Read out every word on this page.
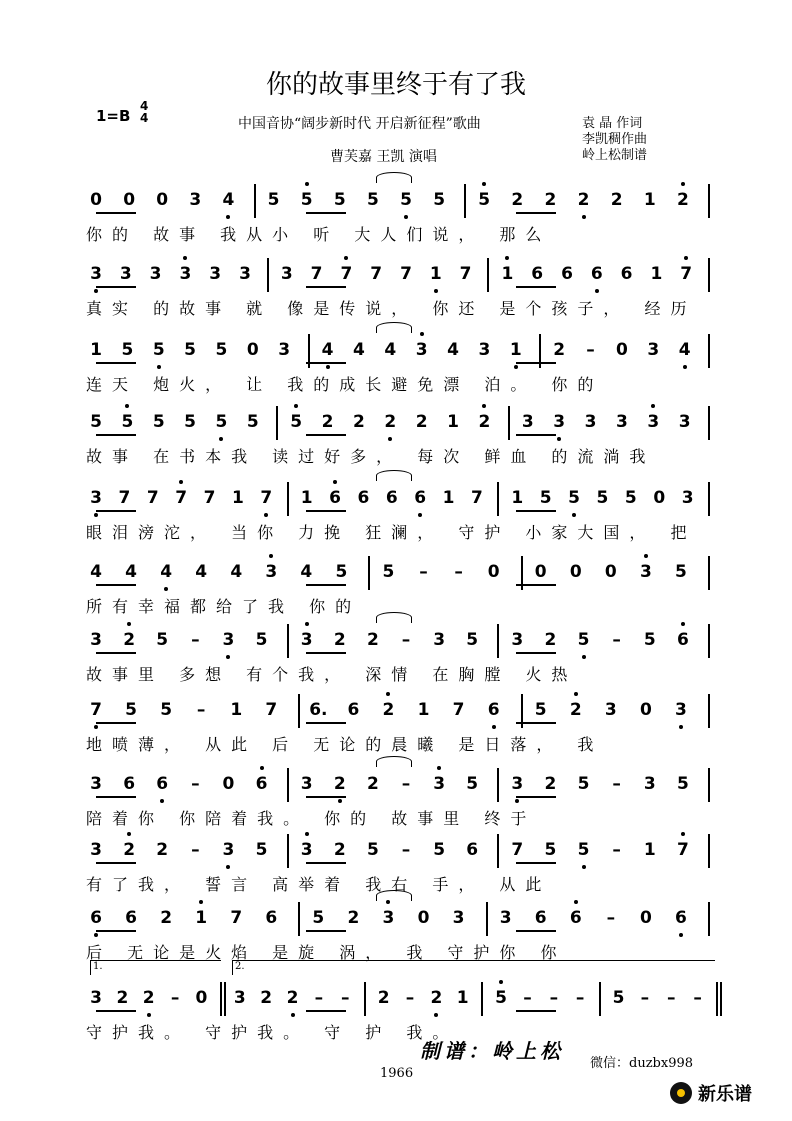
你的故事里终于有了我
1=B
4
4	中国音协“阔步新时代 开启新征程”歌曲
曹芙嘉 王凯 演唱
袁 晶 作词
李凯稠作曲
岭上松制谱
0 0 0 3 4 5 5 5 5 5 5 5 2 2 2 2 1 2
你的 故事 我从小 听 大人们说， 那么
3 3 3 3 3 3 3 7 7 7 7 1 7 1 6 6 6 6 1 7
真实 的故事 就 像是传说， 你还 是个孩子， 经历
1 5 5 5 5 0 3 4 4 4 3 4 3 1 2	–	0 3 4
连天 炮火， 让 我的成长避免漂 泊。 你的
5 5 5 5 5 5 5 2 2 2 2 1 2 3 3 3 3 3 3
故事 在书本我 读过好多， 每次 鲜血 的流淌我
3 7 7 7 7 1 7 1 6 6 6 6 1 7 1 5 5 5 5 0 3
眼泪滂沱， 当你 力挽 狂澜， 守护 小家大国， 把
4 4 4 4 4 3 4 5 5	–	–	0 0 0 0 3 5
所有幸福都给了我 你的
3 2 5	–	3 5 3 2 2	–	3 5 3 2 5	–	5 6
故事里 多想 有个我， 深情 在胸膛 火热
7 5 5	–	1 7 6. 6 2 1 7 6 5 2 3 0 3
地喷薄， 从此 后 无论的晨曦 是日落， 我
3 6 6	–	0 6 3 2 2	–	3 5 3 2 5	–	3 5
陪着你 你陪着我。 你的 故事里 终于
3 2 2	–	3 5 3 2 5	–	5 6 7 5 5	–	1 7
有了我， 誓言 高举着 我右 手， 从此
6 6 2 1 7 6 5 2 3 0 3 3 6 6	–	0 6
后 无论是火焰 是旋 涡， 我 守护你 你
3 2 2 – 0 3 2 2 –	–	2 – 2 1 5 –	–	–	5 –	–	–
守护我。 守护我。 守 护 我。
1.	2.
制谱：岭上松
微信：duzbx998
1966
新乐谱
